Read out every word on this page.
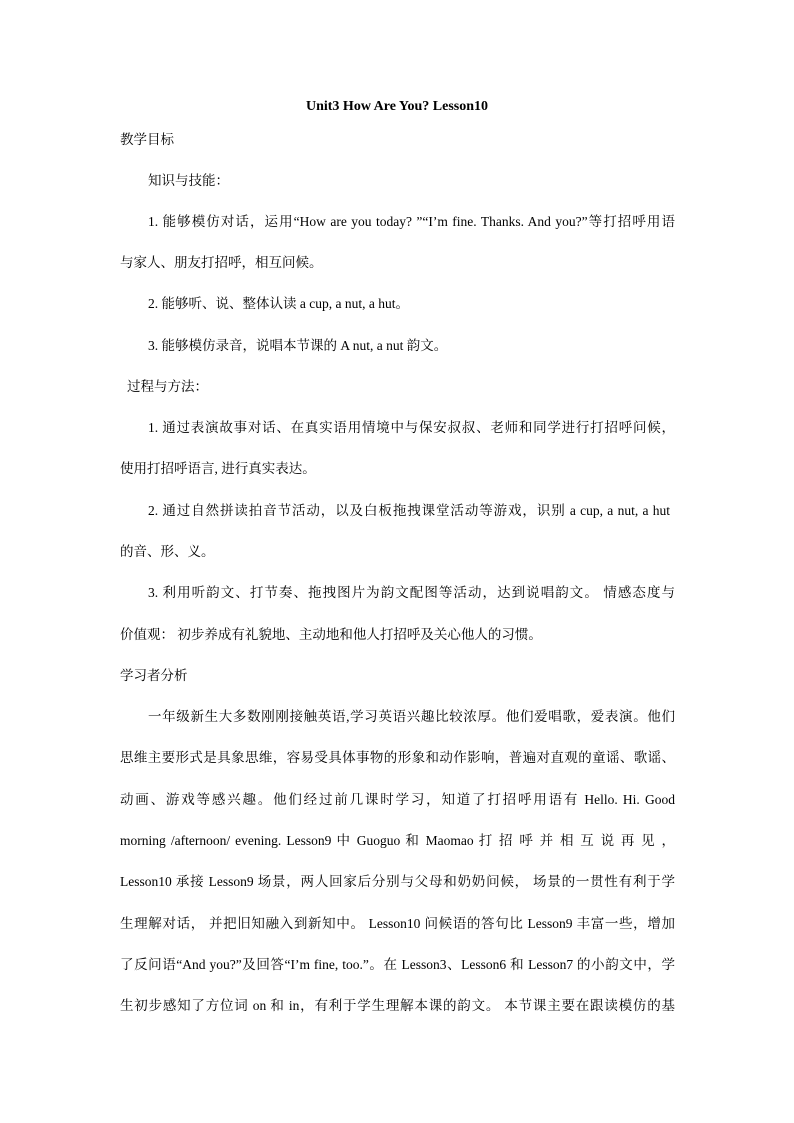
Unit3 How Are You? Lesson10
教学目标
知识与技能：
1. 能够模仿对话，运用“How are you today? ”“I’m fine. Thanks. And you?”等打招呼用语
与家人、朋友打招呼，相互问候。
2. 能够听、说、整体认读 a cup, a nut, a hut。
3. 能够模仿录音，说唱本节课的 A nut, a nut 韵文。
过程与方法：
1. 通过表演故事对话、在真实语用情境中与保安叔叔、老师和同学进行打招呼问候，
使用打招呼语言, 进行真实表达。
2. 通过自然拼读拍音节活动，以及白板拖拽课堂活动等游戏，识别 a cup, a nut, a hut
的音、形、义。
3. 利用听韵文、打节奏、拖拽图片为韵文配图等活动，达到说唱韵文。 情感态度与
价值观： 初步养成有礼貌地、主动地和他人打招呼及关心他人的习惯。
学习者分析
一年级新生大多数刚刚接触英语,学习英语兴趣比较浓厚。他们爱唱歌，爱表演。他们
思维主要形式是具象思维，容易受具体事物的形象和动作影响，普遍对直观的童谣、歌谣、
动画、游戏等感兴趣。他们经过前几课时学习，知道了打招呼用语有 Hello. Hi. Good
morning /afternoon/ evening. Lesson9 中 Guoguo 和 Maomao 打 招 呼 并 相 互 说 再 见 ，
Lesson10 承接 Lesson9 场景，两人回家后分别与父母和奶奶问候， 场景的一贯性有利于学
生理解对话， 并把旧知融入到新知中。 Lesson10 问候语的答句比 Lesson9 丰富一些，增加
了反问语“And you?”及回答“I’m fine, too.”。在 Lesson3、Lesson6 和 Lesson7 的小韵文中，学
生初步感知了方位词 on 和 in，有利于学生理解本课的韵文。 本节课主要在跟读模仿的基
